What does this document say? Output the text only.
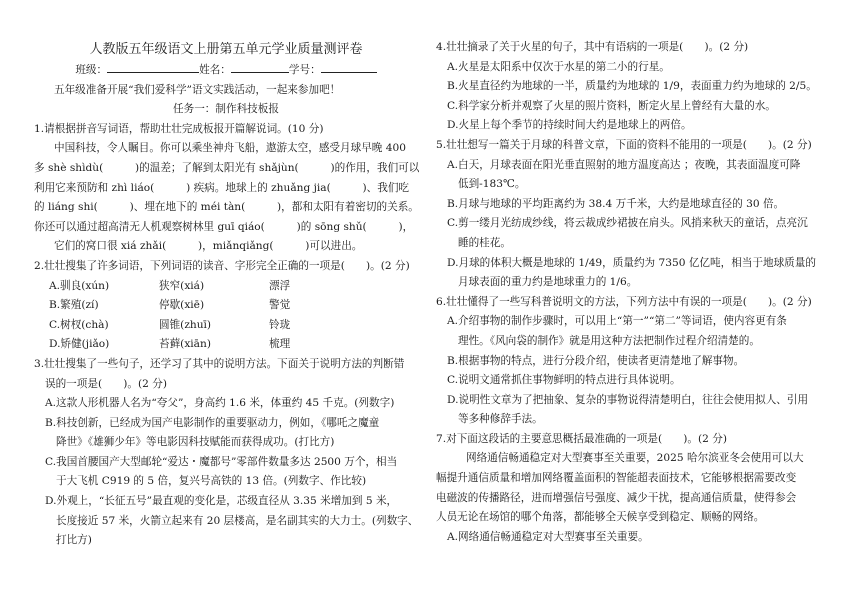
人教版五年级语文上册第五单元学业质量测评卷
班级：	姓名：	学号：
五年级准备开展“我们爱科学”语文实践活动，一起来参加吧！
任务一：制作科技板报
1.请根据拼音写词语，帮助壮壮完成板报开篇解说词。(10 分)
中国科技，令人瞩目。你可以乘坐神舟飞船，遨游太空，感受月球早晚 400
多 shè shìdù(　　　)的温差；了解到太阳光有 shǎjùn(　　　)的作用，我们可以
利用它来预防和 zhì liáo(　　　) 疾病。地球上的 zhuǎng jia(　　　)、我们吃
的 liáng shi(　　　)、埋在地下的 méi tàn(　　　)，都和太阳有着密切的关系。
你还可以通过超高清无人机观察树林里 guī qiáo(　　　)的 sōng shǔ(　　　)，
它们的窝口很 xiá zhǎi(　　　)，miǎnqiǎng(　　　)可以进出。
2.壮壮搜集了许多词语，下列词语的读音、字形完全正确的一项是(　　)。(2 分)
A.驯良(xún)	狭窄(xiá)	漂浮
B.繁殖(zí)	停歇(xiē)	警觉
C.树杈(chà)	圆锥(zhuī)	铃珑
D.矫健(jiǎo)	苔藓(xiān)	梳理
3.壮壮搜集了一些句子，还学习了其中的说明方法。下面关于说明方法的判断错
误的一项是(　　)。(2 分)
A.这款人形机器人名为“夸父”，身高约 1.6 米，体重约 45 千克。(列数字)
B.科技创新，已经成为国产电影制作的重要驱动力，例如，《哪吒之魔童
降世》《雄狮少年》等电影因科技赋能而获得成功。(打比方)
C.我国首腰国产大型邮轮“爱达・魔都号”零部件数量多达 2500 万个，相当
于大飞机 C919 的 5 倍，复兴号高铁的 13 倍。(列数字、作比较)
D.外观上，“长征五号”最直观的变化是，芯级直径从 3.35 米增加到 5 米，
长度接近 57 米，火箭立起来有 20 层楼高，是名副其实的大力士。(列数字、
打比方)
4.壮壮摘录了关于火星的句子，其中有语病的一项是(　　)。(2 分)
A.火星是太阳系中仅次于水星的第二小的行星。
B.火星直径约为地球的一半，质量约为地球的 1/9，表面重力约为地球的 2/5。
C.科学家分析并观察了火星的照片资料，断定火星上曾经有大量的水。
D.火星上每个季节的持续时间大约是地球上的两倍。
5.壮壮想写一篇关于月球的科普文章，下面的资料不能用的一项是(　　)。(2 分)
A.白天，月球表面在阳光垂直照射的地方温度高达 ；夜晚，其表面温度可降
低到-183℃。
B.月球与地球的平均距离约为 38.4 万千米，大约是地球直径的 30 倍。
C.剪一缕月光纺成纱线，将云裁成纱裙披在肩头。风捎来秋天的童话，点亮沉
睡的桂花。
D.月球的体积大概是地球的 1/49，质量约为 7350 亿亿吨，相当于地球质量的
月球表面的重力约是地球重力的 1/6。
6.壮壮懂得了一些写科普说明文的方法，下列方法中有误的一项是(　　)。(2 分)
A.介绍事物的制作步骤时，可以用上“第一”“第二”等词语，使内容更有条
理性。《风向袋的制作》就是用这种方法把制作过程介绍清楚的。
B.根据事物的特点，进行分段介绍，使读者更清楚地了解事物。
C.说明文通常抓住事物鲜明的特点进行具体说明。
D.说明性文章为了把抽象、复杂的事物说得清楚明白，往往会使用拟人、引用
等多种修辞手法。
7.对下面这段话的主要意思概括最准确的一项是(　　)。(2 分)
网络通信畅通稳定对大型赛事至关重要，2025 哈尔滨亚冬会使用可以大
幅提升通信质量和增加网络覆盖面积的智能超表面技术，它能够根据需要改变
电磁波的传播路径，进而增强信号强度、减少干扰，提高通信质量，使得参会
人员无论在场馆的哪个角落，都能够全天候享受到稳定、顺畅的网络。
A.网络通信畅通稳定对大型赛事至关重要。
